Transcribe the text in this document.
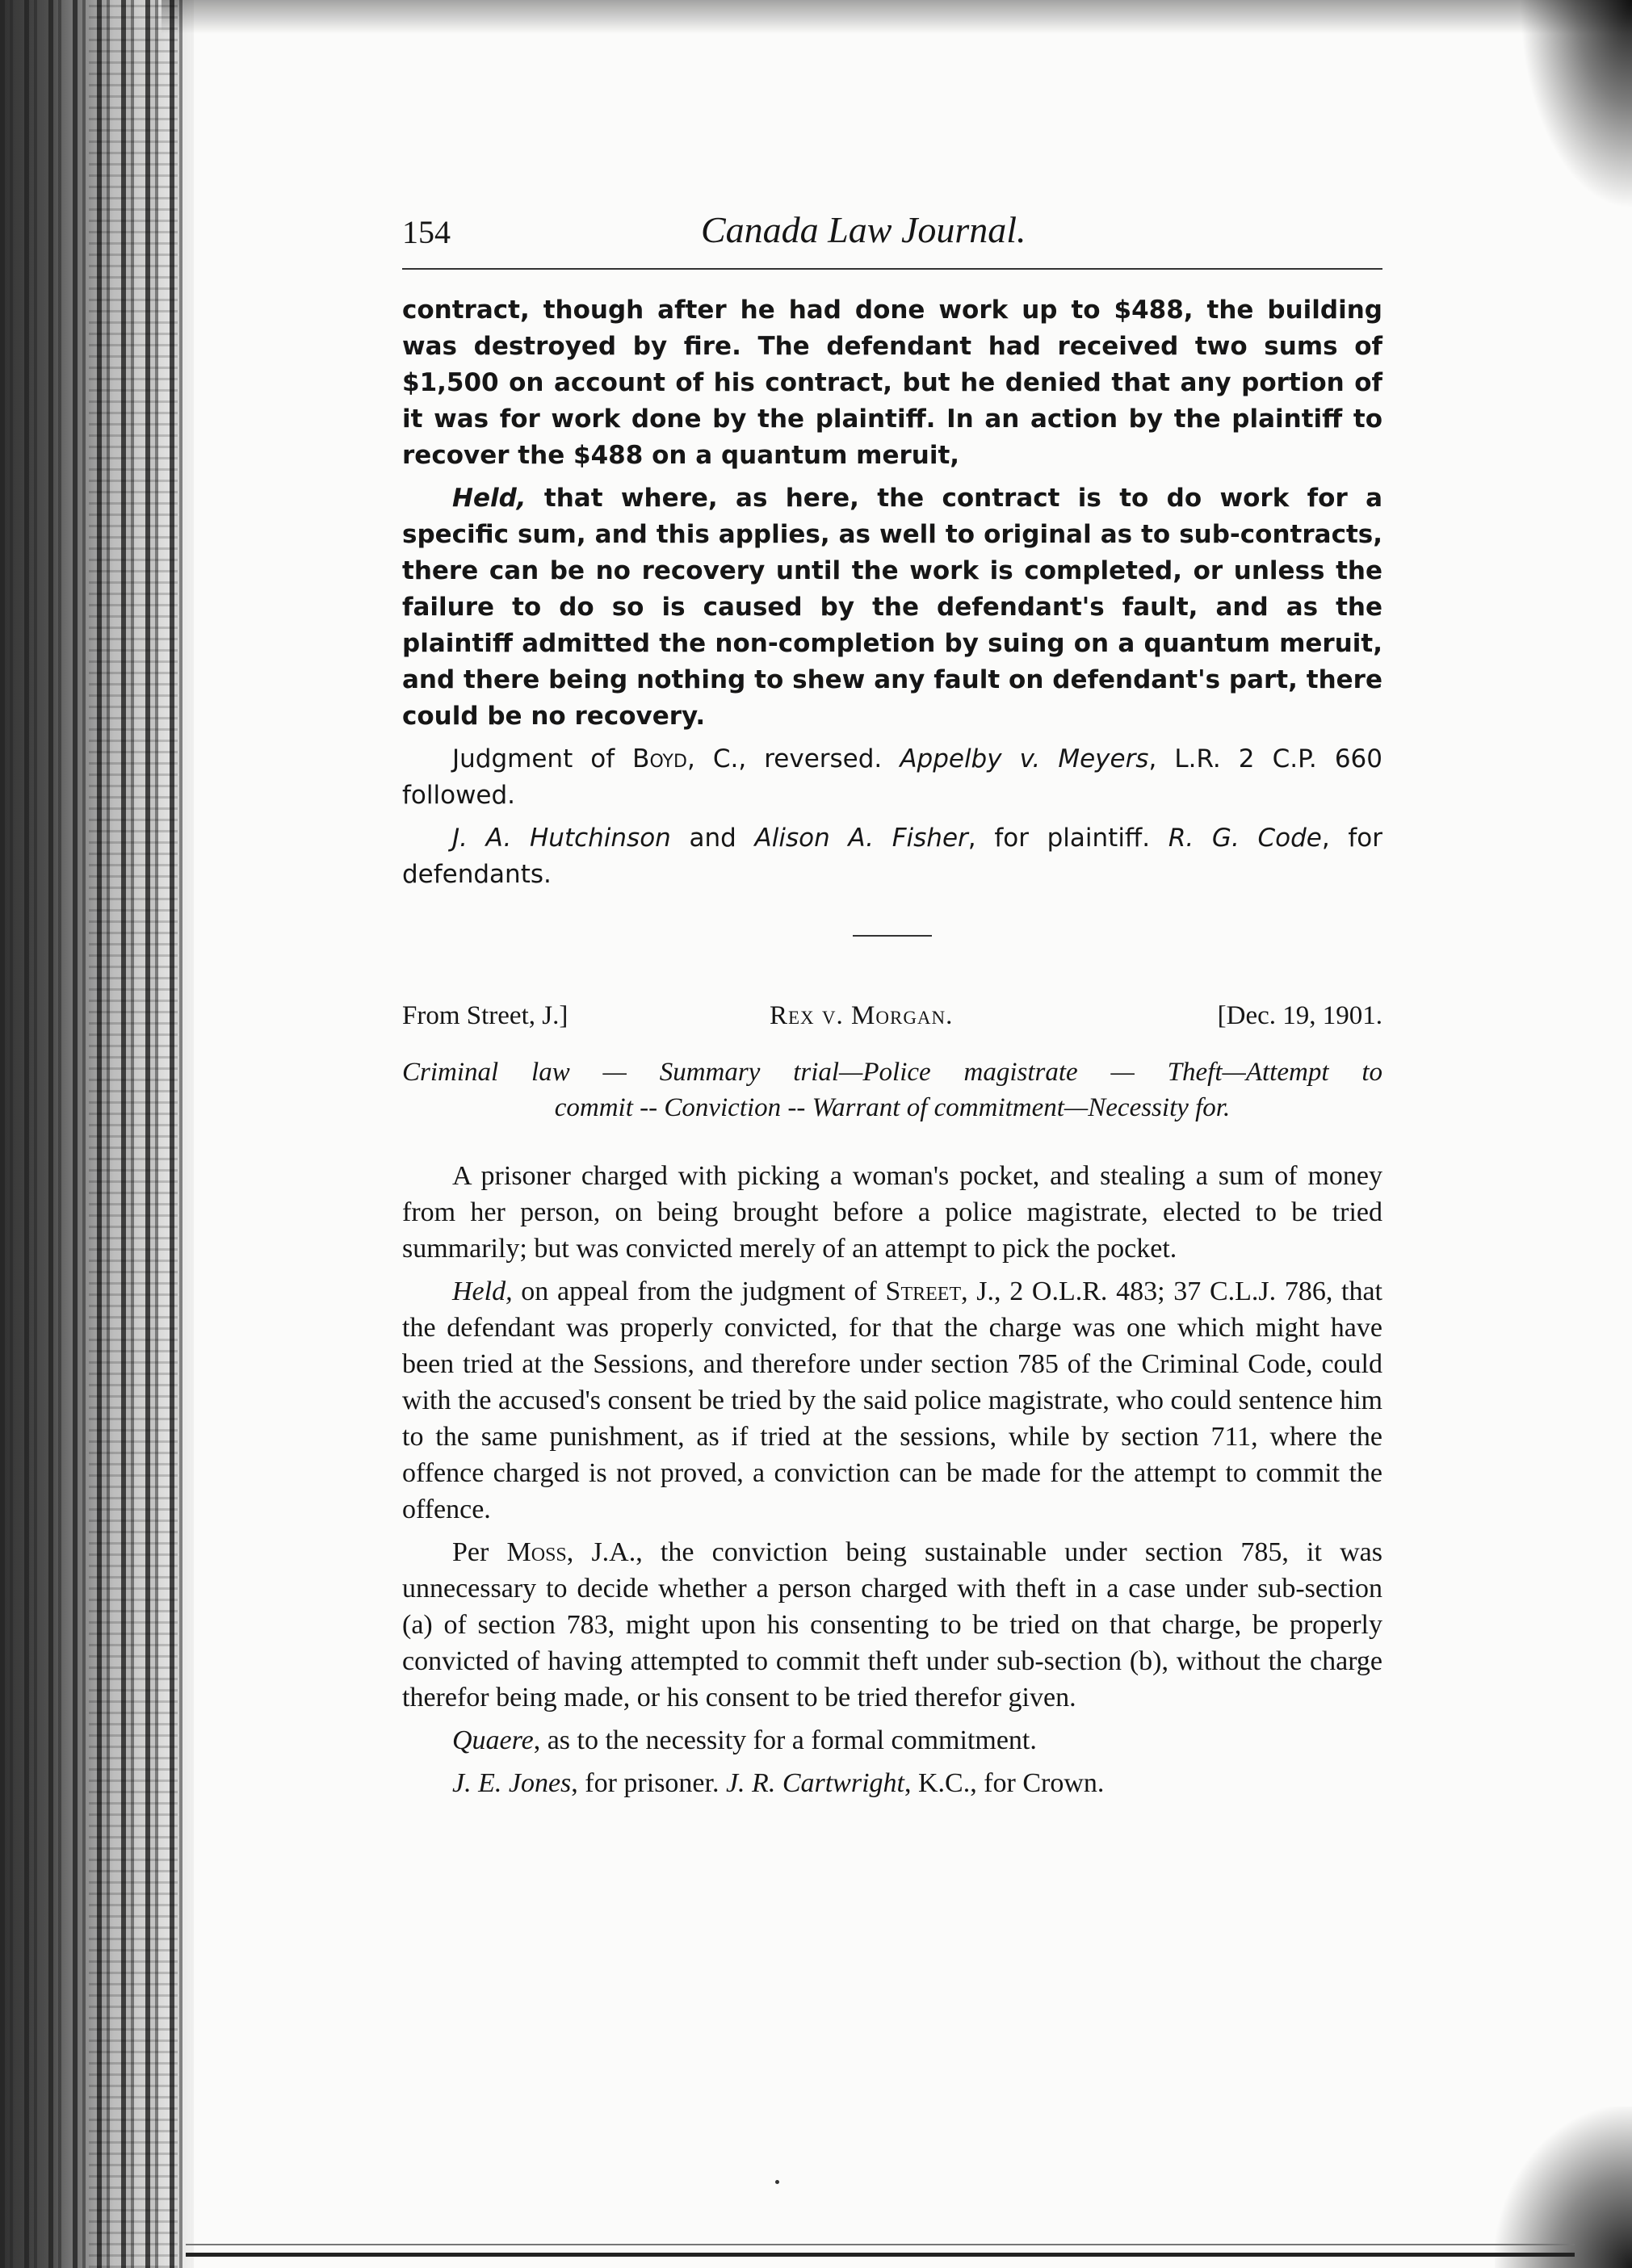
154	Canada Law Journal.

contract, though after he had done work up to $488, the building was destroyed by fire. The defendant had received two sums of $1,500 on account of his contract, but he denied that any portion of it was for work done by the plaintiff. In an action by the plaintiff to recover the $488 on a quantum meruit,

Held, that where, as here, the contract is to do work for a specific sum, and this applies, as well to original as to sub-contracts, there can be no recovery until the work is completed, or unless the failure to do so is caused by the defendant's fault, and as the plaintiff admitted the non-completion by suing on a quantum meruit, and there being nothing to shew any fault on defendant's part, there could be no recovery.

Judgment of Boyd, C., reversed. Appelby v. Meyers, L.R. 2 C.P. 660 followed.

J. A. Hutchinson and Alison A. Fisher, for plaintiff. R. G. Code, for defendants.

From Street, J.]	Rex v. Morgan.	[Dec. 19, 1901.
Criminal law — Summary trial—Police magistrate — Theft—Attempt to
commit -- Conviction -- Warrant of commitment—Necessity for.

A prisoner charged with picking a woman's pocket, and stealing a sum of money from her person, on being brought before a police magistrate, elected to be tried summarily; but was convicted merely of an attempt to pick the pocket.

Held, on appeal from the judgment of Street, J., 2 O.L.R. 483; 37 C.L.J. 786, that the defendant was properly convicted, for that the charge was one which might have been tried at the Sessions, and therefore under section 785 of the Criminal Code, could with the accused's consent be tried by the said police magistrate, who could sentence him to the same punishment, as if tried at the sessions, while by section 711, where the offence charged is not proved, a conviction can be made for the attempt to commit the offence.

Per Moss, J.A., the conviction being sustainable under section 785, it was unnecessary to decide whether a person charged with theft in a case under sub-section (a) of section 783, might upon his consenting to be tried on that charge, be properly convicted of having attempted to commit theft under sub-section (b), without the charge therefor being made, or his consent to be tried therefor given.

Quaere, as to the necessity for a formal commitment.

J. E. Jones, for prisoner. J. R. Cartwright, K.C., for Crown.
